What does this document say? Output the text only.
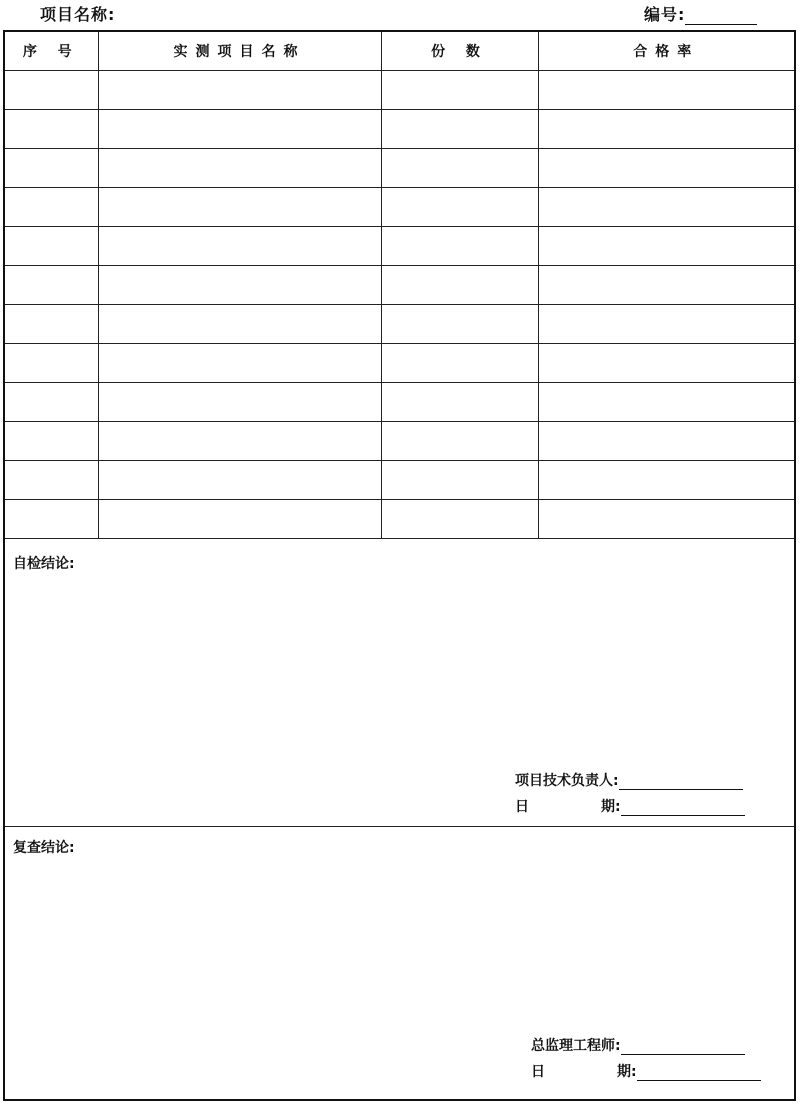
项目名称:	编号:
序 号	实测项目名称	份 数	合格率

自检结论:
项目技术负责人:
日	期:
复查结论:
总监理工程师:
日	期:
